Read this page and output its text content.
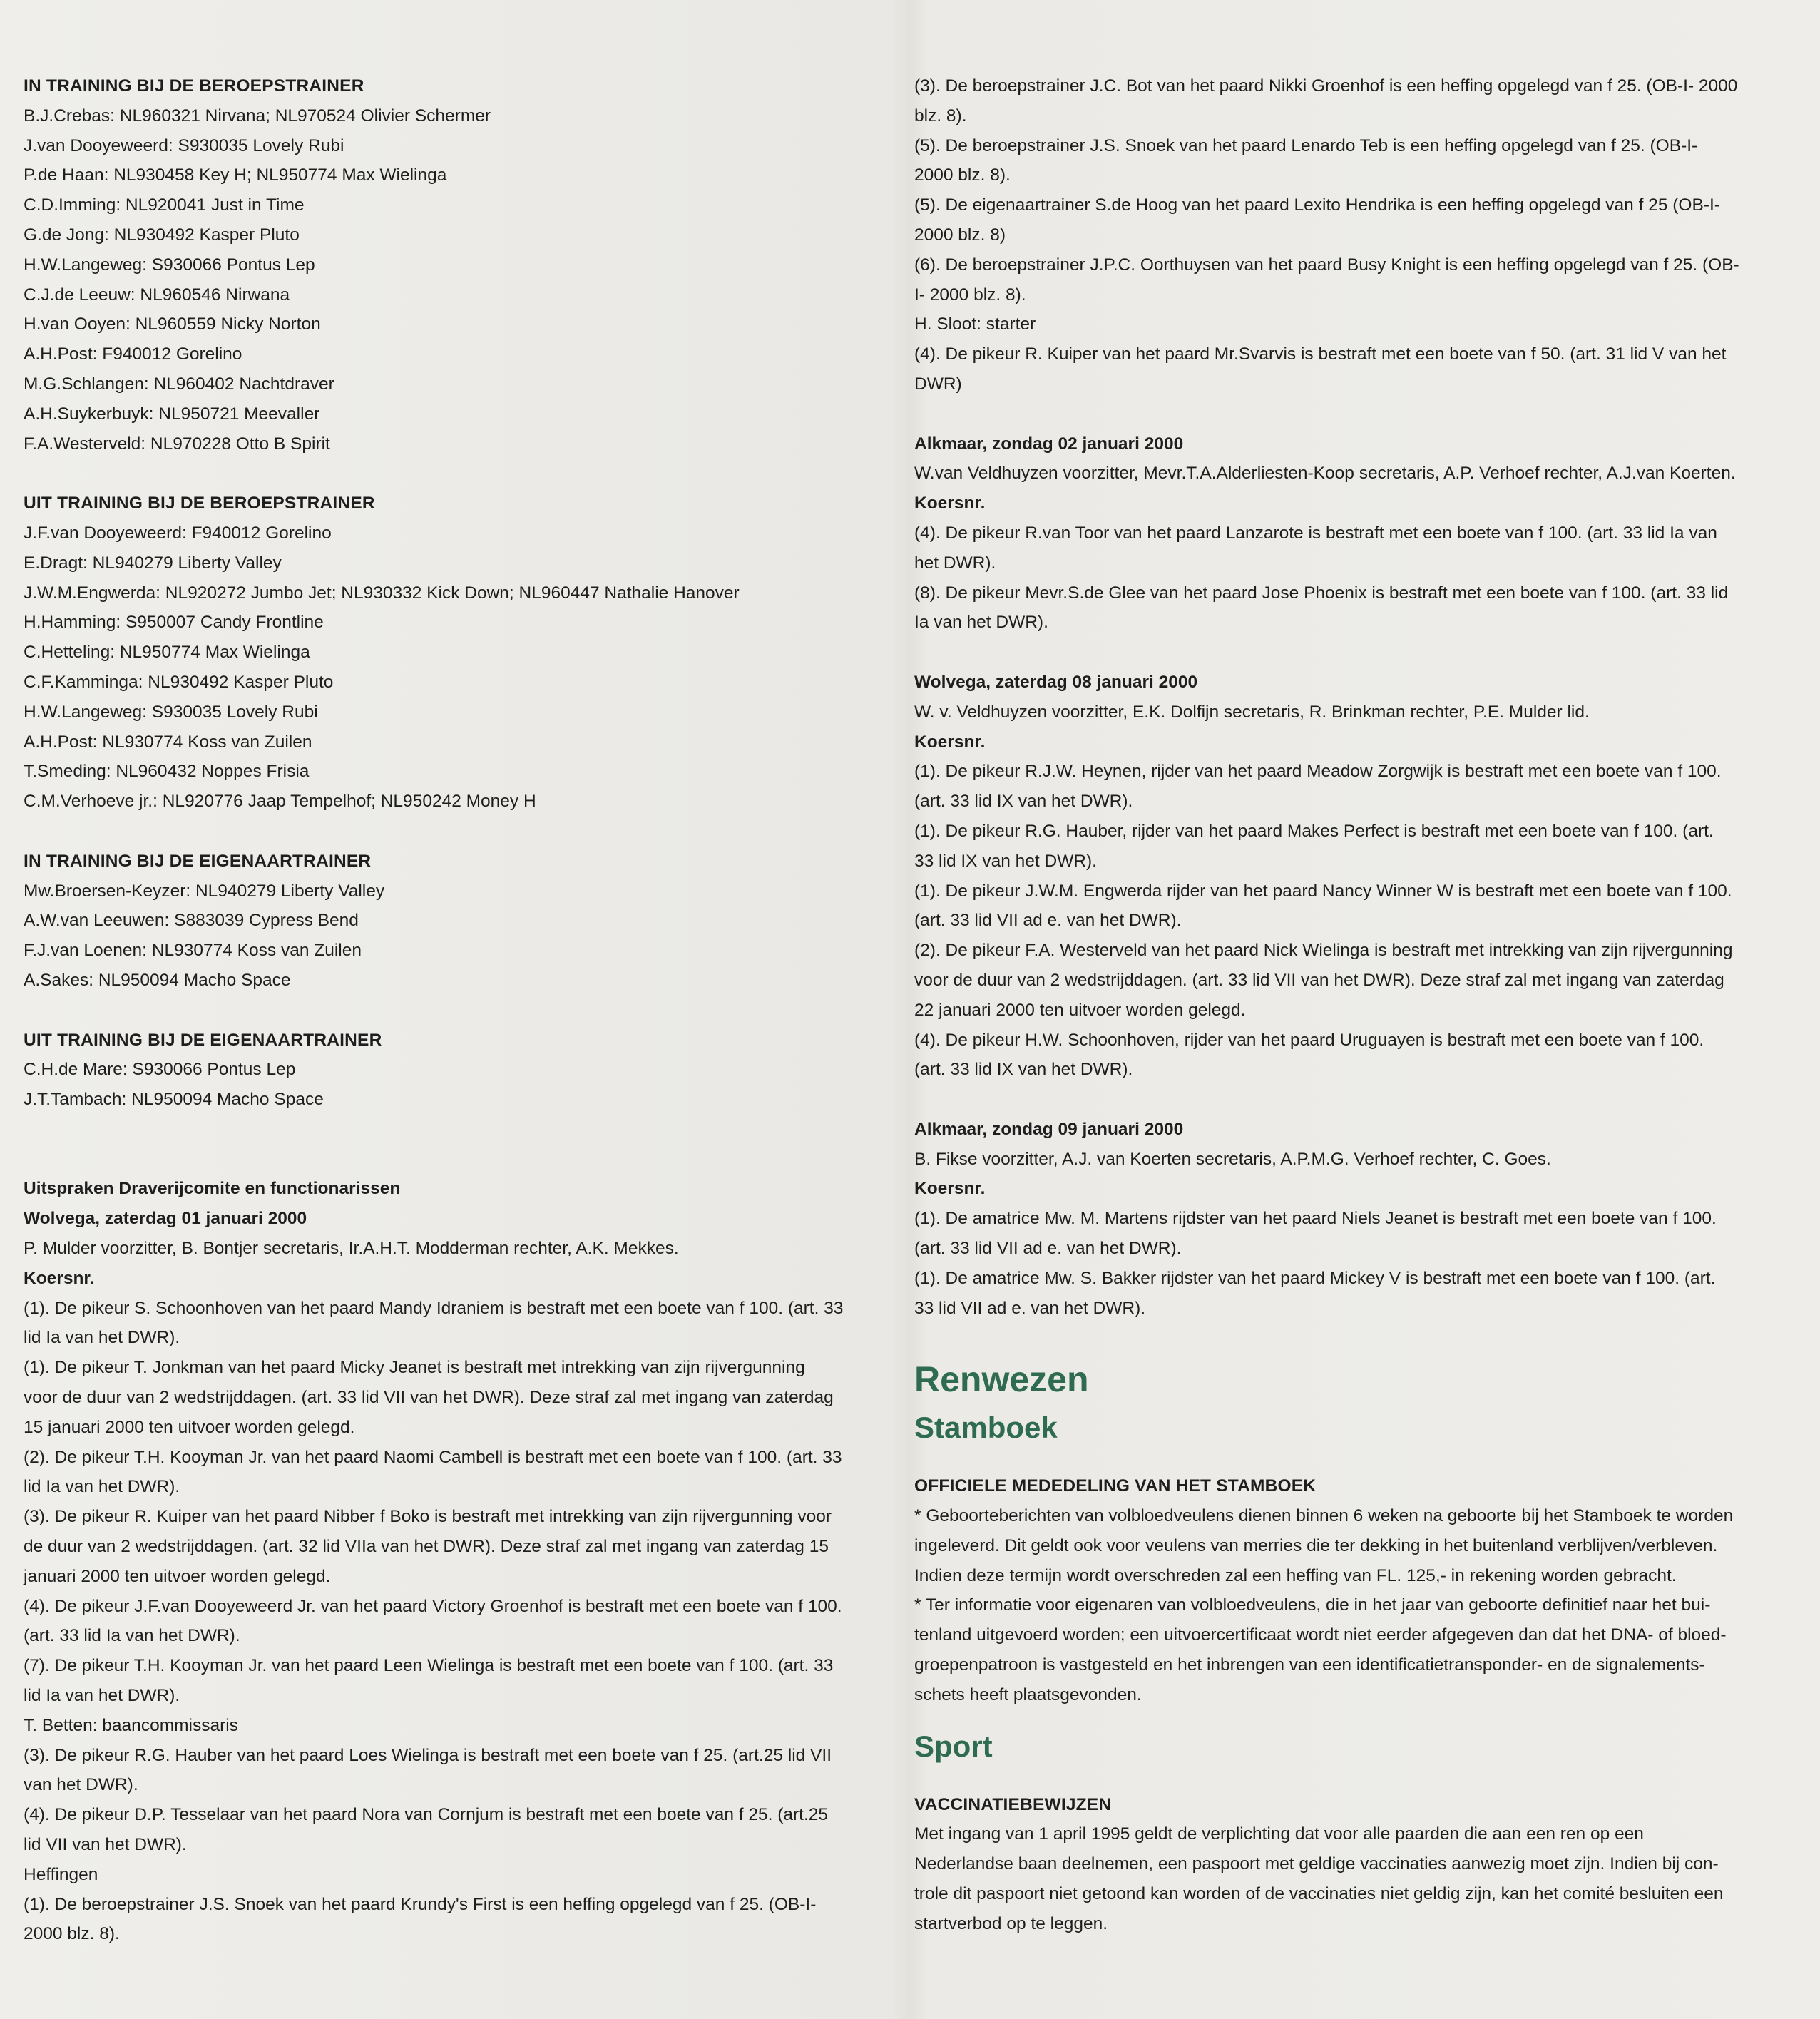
IN TRAINING BIJ DE BEROEPSTRAINER
B.J.Crebas: NL960321 Nirvana; NL970524 Olivier Schermer
J.van Dooyeweerd: S930035 Lovely Rubi
P.de Haan: NL930458 Key H; NL950774 Max Wielinga
C.D.Imming: NL920041 Just in Time
G.de Jong: NL930492 Kasper Pluto
H.W.Langeweg: S930066 Pontus Lep
C.J.de Leeuw: NL960546 Nirwana
H.van Ooyen: NL960559 Nicky Norton
A.H.Post: F940012 Gorelino
M.G.Schlangen: NL960402 Nachtdraver
A.H.Suykerbuyk: NL950721 Meevaller
F.A.Westerveld: NL970228 Otto B Spirit
UIT TRAINING BIJ DE BEROEPSTRAINER
J.F.van Dooyeweerd: F940012 Gorelino
E.Dragt: NL940279 Liberty Valley
J.W.M.Engwerda: NL920272 Jumbo Jet; NL930332 Kick Down; NL960447 Nathalie Hanover
H.Hamming: S950007 Candy Frontline
C.Hetteling: NL950774 Max Wielinga
C.F.Kamminga: NL930492 Kasper Pluto
H.W.Langeweg: S930035 Lovely Rubi
A.H.Post: NL930774 Koss van Zuilen
T.Smeding: NL960432 Noppes Frisia
C.M.Verhoeve jr.: NL920776 Jaap Tempelhof; NL950242 Money H
IN TRAINING BIJ DE EIGENAARTRAINER
Mw.Broersen-Keyzer: NL940279 Liberty Valley
A.W.van Leeuwen: S883039 Cypress Bend
F.J.van Loenen: NL930774 Koss van Zuilen
A.Sakes: NL950094 Macho Space
UIT TRAINING BIJ DE EIGENAARTRAINER
C.H.de Mare: S930066 Pontus Lep
J.T.Tambach: NL950094 Macho Space
Uitspraken Draverijcomite en functionarissen
Wolvega, zaterdag 01 januari 2000
P. Mulder voorzitter, B. Bontjer secretaris, Ir.A.H.T. Modderman rechter, A.K. Mekkes.
Koersnr.
(1). De pikeur S. Schoonhoven van het paard Mandy Idraniem is bestraft met een boete van f 100. (art. 33
lid Ia van het DWR).
(1). De pikeur T. Jonkman van het paard Micky Jeanet is bestraft met intrekking van zijn rijvergunning
voor de duur van 2 wedstrijddagen. (art. 33 lid VII van het DWR). Deze straf zal met ingang van zaterdag
15 januari 2000 ten uitvoer worden gelegd.
(2). De pikeur T.H. Kooyman Jr. van het paard Naomi Cambell is bestraft met een boete van f 100. (art. 33
lid Ia van het DWR).
(3). De pikeur R. Kuiper van het paard Nibber f Boko is bestraft met intrekking van zijn rijvergunning voor
de duur van 2 wedstrijddagen. (art. 32 lid VIIa van het DWR). Deze straf zal met ingang van zaterdag 15
januari 2000 ten uitvoer worden gelegd.
(4). De pikeur J.F.van Dooyeweerd Jr. van het paard Victory Groenhof is bestraft met een boete van f 100.
(art. 33 lid Ia van het DWR).
(7). De pikeur T.H. Kooyman Jr. van het paard Leen Wielinga is bestraft met een boete van f 100. (art. 33
lid Ia van het DWR).
T. Betten: baancommissaris
(3). De pikeur R.G. Hauber van het paard Loes Wielinga is bestraft met een boete van f 25. (art.25 lid VII
van het DWR).
(4). De pikeur D.P. Tesselaar van het paard Nora van Cornjum is bestraft met een boete van f 25. (art.25
lid VII van het DWR).
Heffingen
(1). De beroepstrainer J.S. Snoek van het paard Krundy's First is een heffing opgelegd van f 25. (OB-I-
2000 blz. 8).
(3). De beroepstrainer J.C. Bot van het paard Nikki Groenhof is een heffing opgelegd van f 25. (OB-I- 2000
blz. 8).
(5). De beroepstrainer J.S. Snoek van het paard Lenardo Teb is een heffing opgelegd van f 25. (OB-I-
2000 blz. 8).
(5). De eigenaartrainer S.de Hoog van het paard Lexito Hendrika is een heffing opgelegd van f 25 (OB-I-
2000 blz. 8)
(6). De beroepstrainer J.P.C. Oorthuysen van het paard Busy Knight is een heffing opgelegd van f 25. (OB-
I- 2000 blz. 8).
H. Sloot: starter
(4). De pikeur R. Kuiper van het paard Mr.Svarvis is bestraft met een boete van f 50. (art. 31 lid V van het
DWR)
Alkmaar, zondag 02 januari 2000
W.van Veldhuyzen voorzitter, Mevr.T.A.Alderliesten-Koop secretaris, A.P. Verhoef rechter, A.J.van Koerten.
Koersnr.
(4). De pikeur R.van Toor van het paard Lanzarote is bestraft met een boete van f 100. (art. 33 lid Ia van
het DWR).
(8). De pikeur Mevr.S.de Glee van het paard Jose Phoenix is bestraft met een boete van f 100. (art. 33 lid
Ia van het DWR).
Wolvega, zaterdag 08 januari 2000
W. v. Veldhuyzen voorzitter, E.K. Dolfijn secretaris, R. Brinkman rechter, P.E. Mulder lid.
Koersnr.
(1). De pikeur R.J.W. Heynen, rijder van het paard Meadow Zorgwijk is bestraft met een boete van f 100.
(art. 33 lid IX van het DWR).
(1). De pikeur R.G. Hauber, rijder van het paard Makes Perfect is bestraft met een boete van f 100. (art.
33 lid IX van het DWR).
(1). De pikeur J.W.M. Engwerda rijder van het paard Nancy Winner W is bestraft met een boete van f 100.
(art. 33 lid VII ad e. van het DWR).
(2). De pikeur F.A. Westerveld van het paard Nick Wielinga is bestraft met intrekking van zijn rijvergunning
voor de duur van 2 wedstrijddagen. (art. 33 lid VII van het DWR). Deze straf zal met ingang van zaterdag
22 januari 2000 ten uitvoer worden gelegd.
(4). De pikeur H.W. Schoonhoven, rijder van het paard Uruguayen is bestraft met een boete van f 100.
(art. 33 lid IX van het DWR).
Alkmaar, zondag 09 januari 2000
B. Fikse voorzitter, A.J. van Koerten secretaris, A.P.M.G. Verhoef rechter, C. Goes.
Koersnr.
(1). De amatrice Mw. M. Martens rijdster van het paard Niels Jeanet is bestraft met een boete van f 100.
(art. 33 lid VII ad e. van het DWR).
(1). De amatrice Mw. S. Bakker rijdster van het paard Mickey V is bestraft met een boete van f 100. (art.
33 lid VII ad e. van het DWR).
Renwezen
Stamboek
OFFICIELE MEDEDELING VAN HET STAMBOEK
* Geboorteberichten van volbloedveulens dienen binnen 6 weken na geboorte bij het Stamboek te worden
ingeleverd. Dit geldt ook voor veulens van merries die ter dekking in het buitenland verblijven/verbleven.
Indien deze termijn wordt overschreden zal een heffing van FL. 125,- in rekening worden gebracht.
* Ter informatie voor eigenaren van volbloedveulens, die in het jaar van geboorte definitief naar het bui-
tenland uitgevoerd worden; een uitvoercertificaat wordt niet eerder afgegeven dan dat het DNA- of bloed-
groepenpatroon is vastgesteld en het inbrengen van een identificatietransponder- en de signalements-
schets heeft plaatsgevonden.
Sport
VACCINATIEBEWIJZEN
Met ingang van 1 april 1995 geldt de verplichting dat voor alle paarden die aan een ren op een
Nederlandse baan deelnemen, een paspoort met geldige vaccinaties aanwezig moet zijn. Indien bij con-
trole dit paspoort niet getoond kan worden of de vaccinaties niet geldig zijn, kan het comité besluiten een
startverbod op te leggen.
